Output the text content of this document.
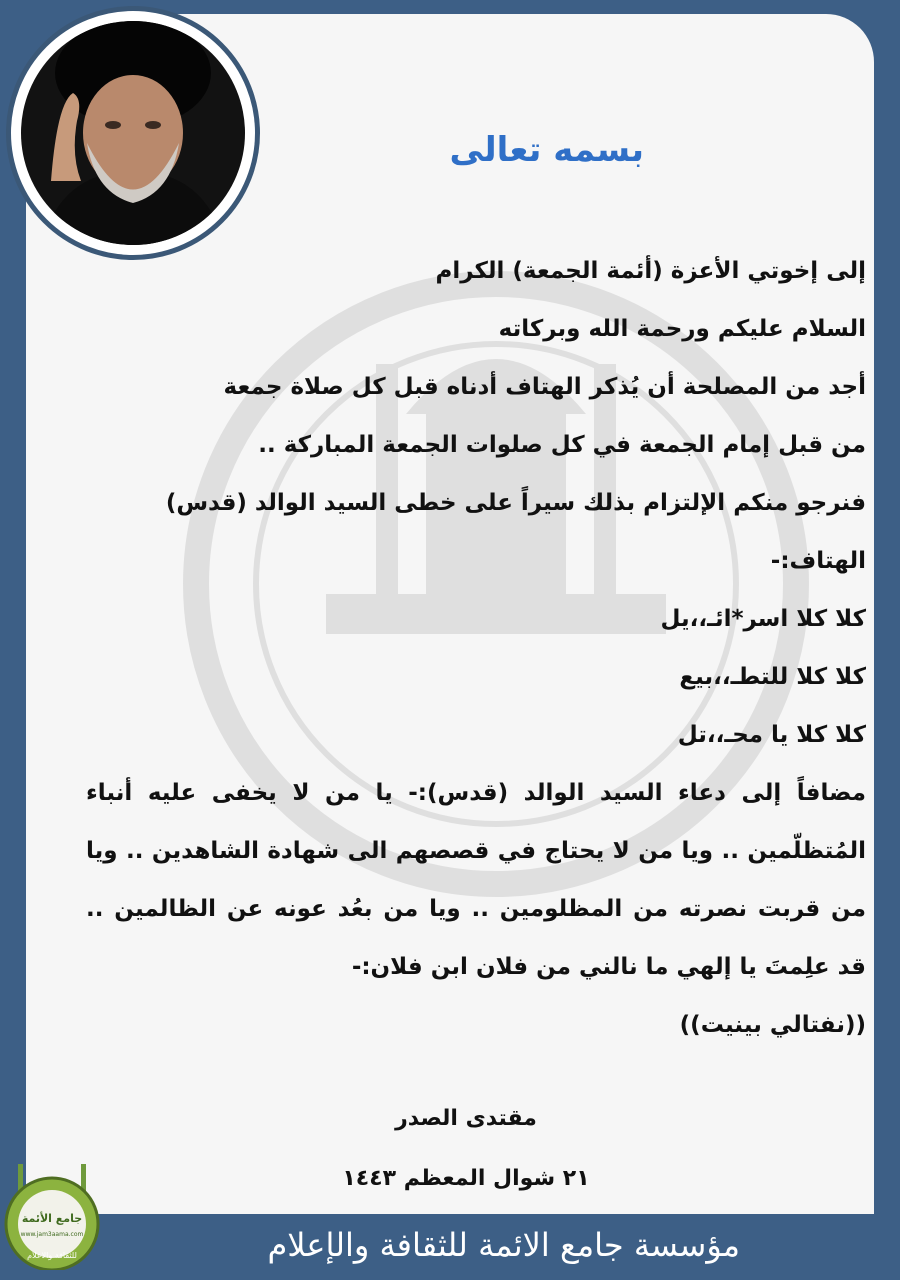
بسمه تعالى
إلى إخوتي الأعزة (أئمة الجمعة) الكرام
السلام عليكم ورحمة الله وبركاته
أجد من المصلحة أن يُذكر الهتاف أدناه قبل كل صلاة جمعة
من قبل إمام الجمعة في كل صلوات الجمعة المباركة ..
فنرجو منكم الإلتزام بذلك سيراً على خطى السيد الوالد (قدس)
الهتاف:-
كلا كلا اسر*ائـ،،يل
كلا كلا للتطـ،،بيع
كلا كلا يا محـ،،تل
مضافاً إلى دعاء السيد الوالد (قدس):- يا من لا يخفى عليه أنباء المُتظلّمين .. ويا من لا يحتاج في قصصهم الى شهادة الشاهدين .. ويا من قربت نصرته من المظلومين .. ويا من بعُد عونه عن الظالمين .. قد علِمتَ يا إلهي ما نالني من فلان ابن فلان:-
((نفتالي بينيت))
مقتدى الصدر
٢١ شوال المعظم ١٤٤٣
مؤسسة جامع الائمة للثقافة والإعلام
جامع الأئمة
www.jam3aama.com
للثقافة والاعلام
